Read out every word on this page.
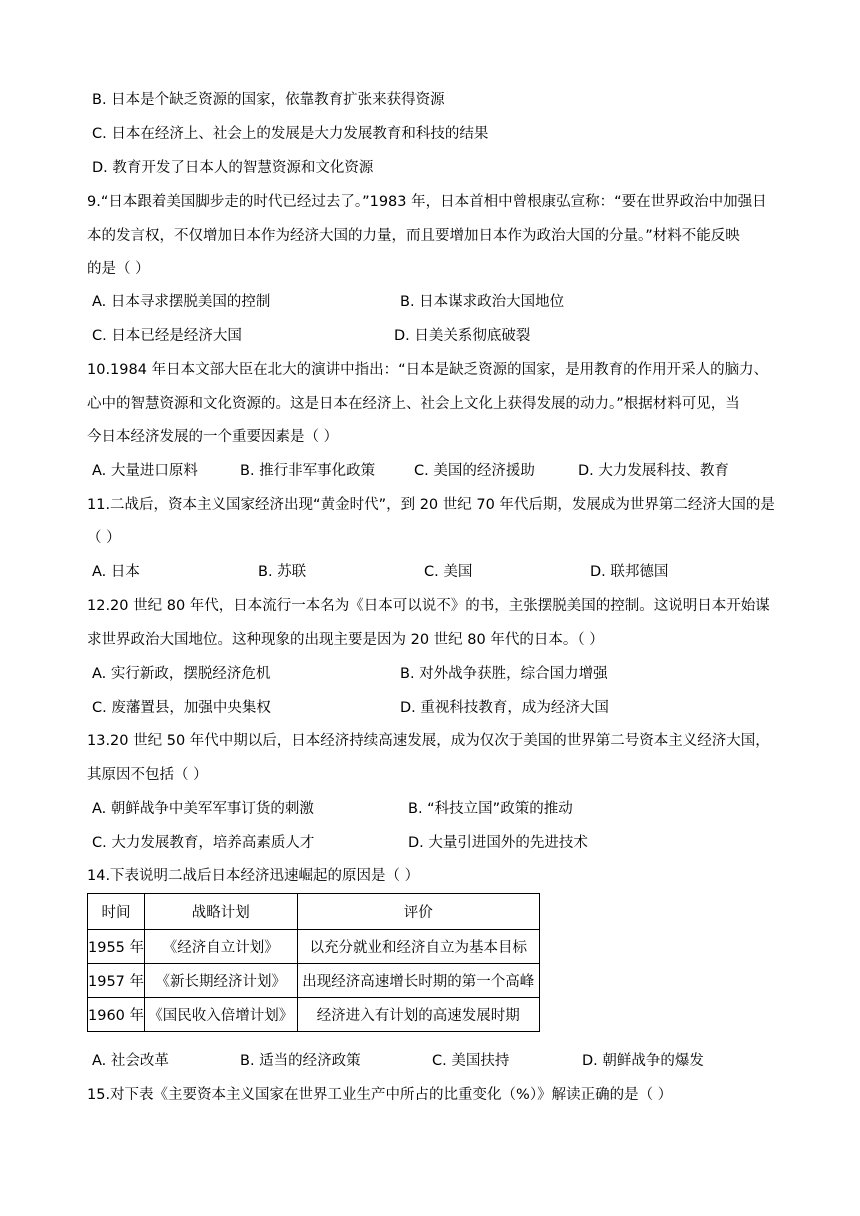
B. 日本是个缺乏资源的国家，依靠教育扩张来获得资源
C. 日本在经济上、社会上的发展是大力发展教育和科技的结果
D. 教育开发了日本人的智慧资源和文化资源
9.“日本跟着美国脚步走的时代已经过去了。”1983 年，日本首相中曾根康弘宣称：“要在世界政治中加强日
本的发言权，不仅增加日本作为经济大国的力量，而且要增加日本作为政治大国的分量。”材料不能反映
的是（ ）
A. 日本寻求摆脱美国的控制	B. 日本谋求政治大国地位
C. 日本已经是经济大国	D. 日美关系彻底破裂
10.1984 年日本文部大臣在北大的演讲中指出：“日本是缺乏资源的国家，是用教育的作用开采人的脑力、
心中的智慧资源和文化资源的。这是日本在经济上、社会上文化上获得发展的动力。”根据材料可见，当
今日本经济发展的一个重要因素是（ ）
A. 大量进口原料	B. 推行非军事化政策	C. 美国的经济援助	D. 大力发展科技、教育
11.二战后，资本主义国家经济出现“黄金时代”，到 20 世纪 70 年代后期，发展成为世界第二经济大国的是
（ ）
A. 日本	B. 苏联	C. 美国	D. 联邦德国
12.20 世纪 80 年代，日本流行一本名为《日本可以说不》的书，主张摆脱美国的控制。这说明日本开始谋
求世界政治大国地位。这种现象的出现主要是因为 20 世纪 80 年代的日本。（ ）
A. 实行新政，摆脱经济危机	B. 对外战争获胜，综合国力增强
C. 废藩置县，加强中央集权	D. 重视科技教育，成为经济大国
13.20 世纪 50 年代中期以后，日本经济持续高速发展，成为仅次于美国的世界第二号资本主义经济大国，
其原因不包括（ ）
A. 朝鲜战争中美军军事订货的刺激	B. “科技立国”政策的推动
C. 大力发展教育，培养高素质人才	D. 大量引进国外的先进技术
14.下表说明二战后日本经济迅速崛起的原因是（ ）
时间	战略计划	评价
1955 年	《经济自立计划》	以充分就业和经济自立为基本目标
1957 年	《新长期经济计划》	出现经济高速增长时期的第一个高峰
1960 年	《国民收入倍增计划》	经济进入有计划的高速发展时期
A. 社会改革	B. 适当的经济政策	C. 美国扶持	D. 朝鲜战争的爆发
15.对下表《主要资本主义国家在世界工业生产中所占的比重变化（%）》解读正确的是（ ）
